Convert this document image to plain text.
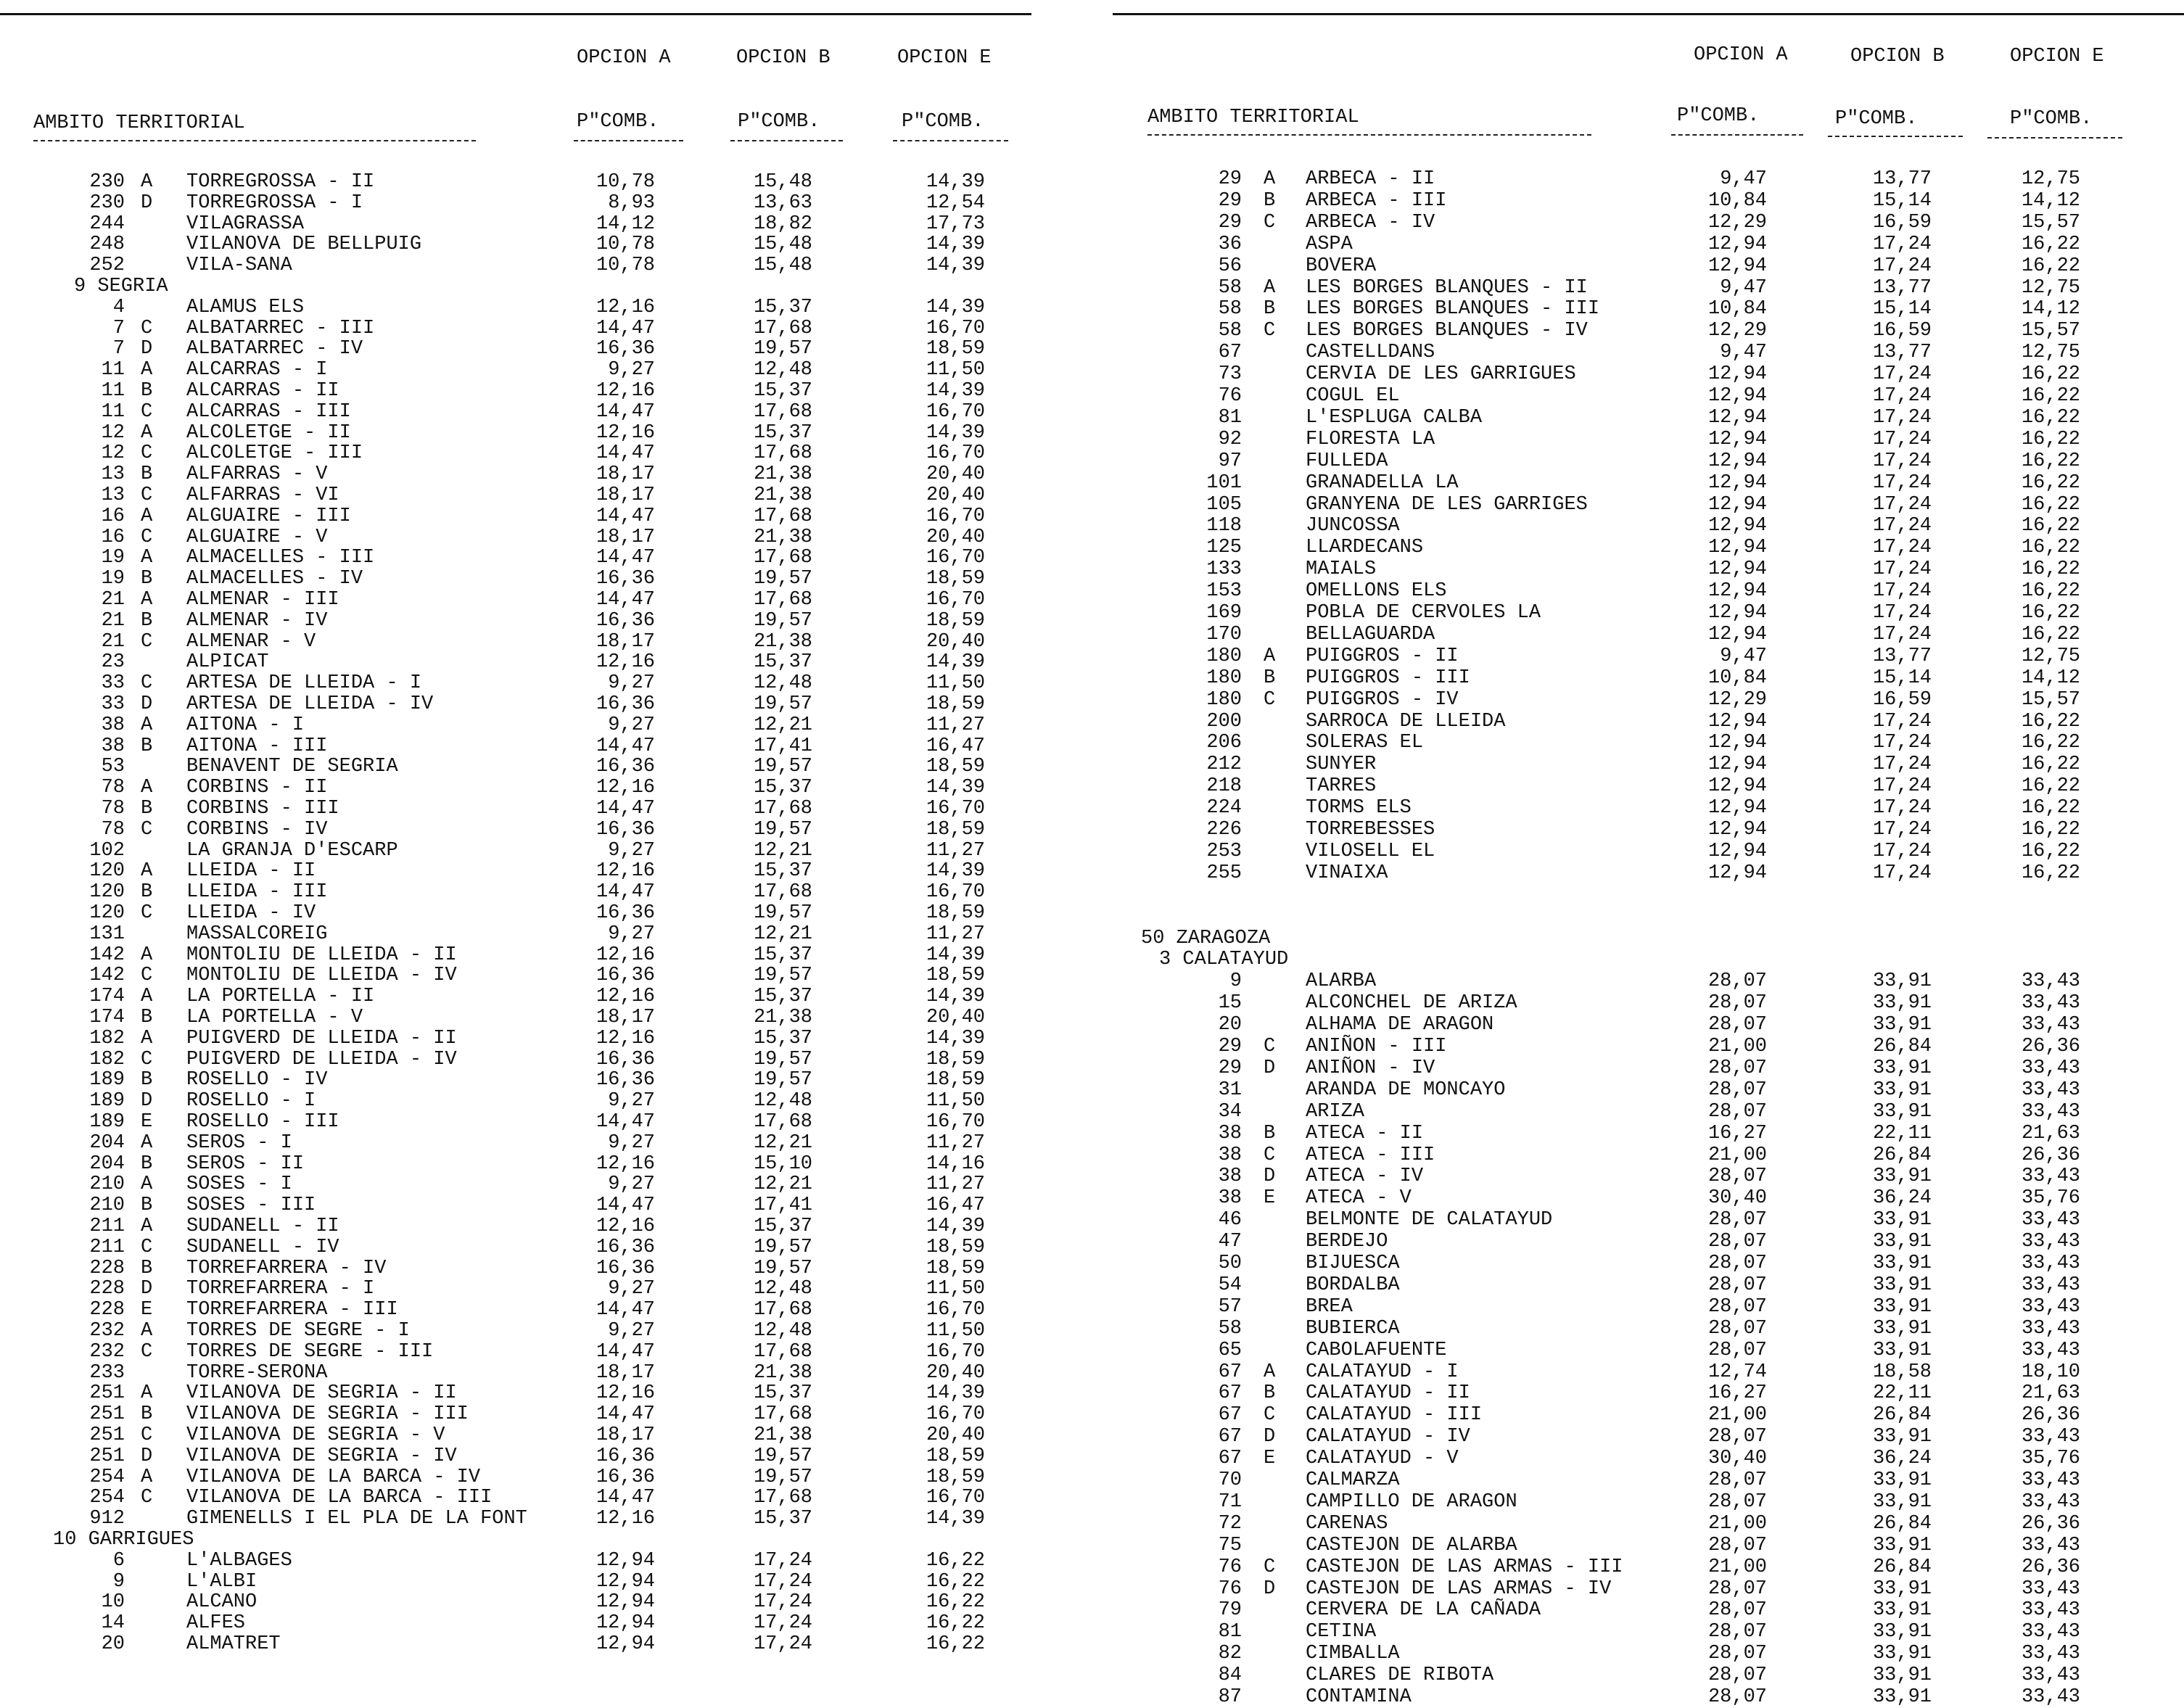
OPCION A	OPCION B	OPCION E
AMBITO TERRITORIAL	P"COMB.	P"COMB.	P"COMB.
OPCION A	OPCION B	OPCION E
AMBITO TERRITORIAL	P"COMB.	P"COMB.	P"COMB.
230 A TORREGROSSA - II	10,78	15,48	14,39
230 D TORREGROSSA - I	8,93	13,63	12,54
244	VILAGRASSA	14,12	18,82	17,73
248	VILANOVA DE BELLPUIG	10,78	15,48	14,39
252	VILA-SANA	10,78	15,48	14,39
9 SEGRIA
4	ALAMUS ELS	12,16	15,37	14,39
7 C ALBATARREC - III	14,47	17,68	16,70
7 D ALBATARREC - IV	16,36	19,57	18,59
11 A ALCARRAS - I	9,27	12,48	11,50
11 B ALCARRAS - II	12,16	15,37	14,39
11 C ALCARRAS - III	14,47	17,68	16,70
12 A ALCOLETGE - II	12,16	15,37	14,39
12 C ALCOLETGE - III	14,47	17,68	16,70
13 B ALFARRAS - V	18,17	21,38	20,40
13 C ALFARRAS - VI	18,17	21,38	20,40
16 A ALGUAIRE - III	14,47	17,68	16,70
16 C ALGUAIRE - V	18,17	21,38	20,40
19 A ALMACELLES - III	14,47	17,68	16,70
19 B ALMACELLES - IV	16,36	19,57	18,59
21 A ALMENAR - III	14,47	17,68	16,70
21 B ALMENAR - IV	16,36	19,57	18,59
21 C ALMENAR - V	18,17	21,38	20,40
23	ALPICAT	12,16	15,37	14,39
33 C ARTESA DE LLEIDA - I	9,27	12,48	11,50
33 D ARTESA DE LLEIDA - IV	16,36	19,57	18,59
38 A AITONA - I	9,27	12,21	11,27
38 B AITONA - III	14,47	17,41	16,47
53	BENAVENT DE SEGRIA	16,36	19,57	18,59
78 A CORBINS - II	12,16	15,37	14,39
78 B CORBINS - III	14,47	17,68	16,70
78 C CORBINS - IV	16,36	19,57	18,59
102	LA GRANJA D'ESCARP	9,27	12,21	11,27
120 A LLEIDA - II	12,16	15,37	14,39
120 B LLEIDA - III	14,47	17,68	16,70
120 C LLEIDA - IV	16,36	19,57	18,59
131	MASSALCOREIG	9,27	12,21	11,27
142 A MONTOLIU DE LLEIDA - II	12,16	15,37	14,39
142 C MONTOLIU DE LLEIDA - IV	16,36	19,57	18,59
174 A LA PORTELLA - II	12,16	15,37	14,39
174 B LA PORTELLA - V	18,17	21,38	20,40
182 A PUIGVERD DE LLEIDA - II	12,16	15,37	14,39
182 C PUIGVERD DE LLEIDA - IV	16,36	19,57	18,59
189 B ROSELLO - IV	16,36	19,57	18,59
189 D ROSELLO - I	9,27	12,48	11,50
189 E ROSELLO - III	14,47	17,68	16,70
204 A SEROS - I	9,27	12,21	11,27
204 B SEROS - II	12,16	15,10	14,16
210 A SOSES - I	9,27	12,21	11,27
210 B SOSES - III	14,47	17,41	16,47
211 A SUDANELL - II	12,16	15,37	14,39
211 C SUDANELL - IV	16,36	19,57	18,59
228 B TORREFARRERA - IV	16,36	19,57	18,59
228 D TORREFARRERA - I	9,27	12,48	11,50
228 E TORREFARRERA - III	14,47	17,68	16,70
232 A TORRES DE SEGRE - I	9,27	12,48	11,50
232 C TORRES DE SEGRE - III	14,47	17,68	16,70
233	TORRE-SERONA	18,17	21,38	20,40
251 A VILANOVA DE SEGRIA - II	12,16	15,37	14,39
251 B VILANOVA DE SEGRIA - III	14,47	17,68	16,70
251 C VILANOVA DE SEGRIA - V	18,17	21,38	20,40
251 D VILANOVA DE SEGRIA - IV	16,36	19,57	18,59
254 A VILANOVA DE LA BARCA - IV	16,36	19,57	18,59
254 C VILANOVA DE LA BARCA - III	14,47	17,68	16,70
912	GIMENELLS I EL PLA DE LA FONT	12,16	15,37	14,39
10 GARRIGUES
6	L'ALBAGES	12,94	17,24	16,22
9	L'ALBI	12,94	17,24	16,22
10	ALCANO	12,94	17,24	16,22
14	ALFES	12,94	17,24	16,22
20	ALMATRET	12,94	17,24	16,22
29 A ARBECA - II	9,47	13,77	12,75
29 B ARBECA - III	10,84	15,14	14,12
29 C ARBECA - IV	12,29	16,59	15,57
36	ASPA	12,94	17,24	16,22
56	BOVERA	12,94	17,24	16,22
58 A LES BORGES BLANQUES - II	9,47	13,77	12,75
58 B LES BORGES BLANQUES - III	10,84	15,14	14,12
58 C LES BORGES BLANQUES - IV	12,29	16,59	15,57
67	CASTELLDANS	9,47	13,77	12,75
73	CERVIA DE LES GARRIGUES	12,94	17,24	16,22
76	COGUL EL	12,94	17,24	16,22
81	L'ESPLUGA CALBA	12,94	17,24	16,22
92	FLORESTA LA	12,94	17,24	16,22
97	FULLEDA	12,94	17,24	16,22
101	GRANADELLA LA	12,94	17,24	16,22
105	GRANYENA DE LES GARRIGES	12,94	17,24	16,22
118	JUNCOSSA	12,94	17,24	16,22
125	LLARDECANS	12,94	17,24	16,22
133	MAIALS	12,94	17,24	16,22
153	OMELLONS ELS	12,94	17,24	16,22
169	POBLA DE CERVOLES LA	12,94	17,24	16,22
170	BELLAGUARDA	12,94	17,24	16,22
180 A PUIGGROS - II	9,47	13,77	12,75
180 B PUIGGROS - III	10,84	15,14	14,12
180 C PUIGGROS - IV	12,29	16,59	15,57
200	SARROCA DE LLEIDA	12,94	17,24	16,22
206	SOLERAS EL	12,94	17,24	16,22
212	SUNYER	12,94	17,24	16,22
218	TARRES	12,94	17,24	16,22
224	TORMS ELS	12,94	17,24	16,22
226	TORREBESSES	12,94	17,24	16,22
253	VILOSELL EL	12,94	17,24	16,22
255	VINAIXA	12,94	17,24	16,22
50 ZARAGOZA
3 CALATAYUD
9	ALARBA	28,07	33,91	33,43
15	ALCONCHEL DE ARIZA	28,07	33,91	33,43
20	ALHAMA DE ARAGON	28,07	33,91	33,43
29 C ANIÑON - III	21,00	26,84	26,36
29 D ANIÑON - IV	28,07	33,91	33,43
31	ARANDA DE MONCAYO	28,07	33,91	33,43
34	ARIZA	28,07	33,91	33,43
38 B ATECA - II	16,27	22,11	21,63
38 C ATECA - III	21,00	26,84	26,36
38 D ATECA - IV	28,07	33,91	33,43
38 E ATECA - V	30,40	36,24	35,76
46	BELMONTE DE CALATAYUD	28,07	33,91	33,43
47	BERDEJO	28,07	33,91	33,43
50	BIJUESCA	28,07	33,91	33,43
54	BORDALBA	28,07	33,91	33,43
57	BREA	28,07	33,91	33,43
58	BUBIERCA	28,07	33,91	33,43
65	CABOLAFUENTE	28,07	33,91	33,43
67 A CALATAYUD - I	12,74	18,58	18,10
67 B CALATAYUD - II	16,27	22,11	21,63
67 C CALATAYUD - III	21,00	26,84	26,36
67 D CALATAYUD - IV	28,07	33,91	33,43
67 E CALATAYUD - V	30,40	36,24	35,76
70	CALMARZA	28,07	33,91	33,43
71	CAMPILLO DE ARAGON	28,07	33,91	33,43
72	CARENAS	21,00	26,84	26,36
75	CASTEJON DE ALARBA	28,07	33,91	33,43
76 C CASTEJON DE LAS ARMAS - III	21,00	26,84	26,36
76 D CASTEJON DE LAS ARMAS - IV	28,07	33,91	33,43
79	CERVERA DE LA CAÑADA	28,07	33,91	33,43
81	CETINA	28,07	33,91	33,43
82	CIMBALLA	28,07	33,91	33,43
84	CLARES DE RIBOTA	28,07	33,91	33,43
87	CONTAMINA	28,07	33,91	33,43
